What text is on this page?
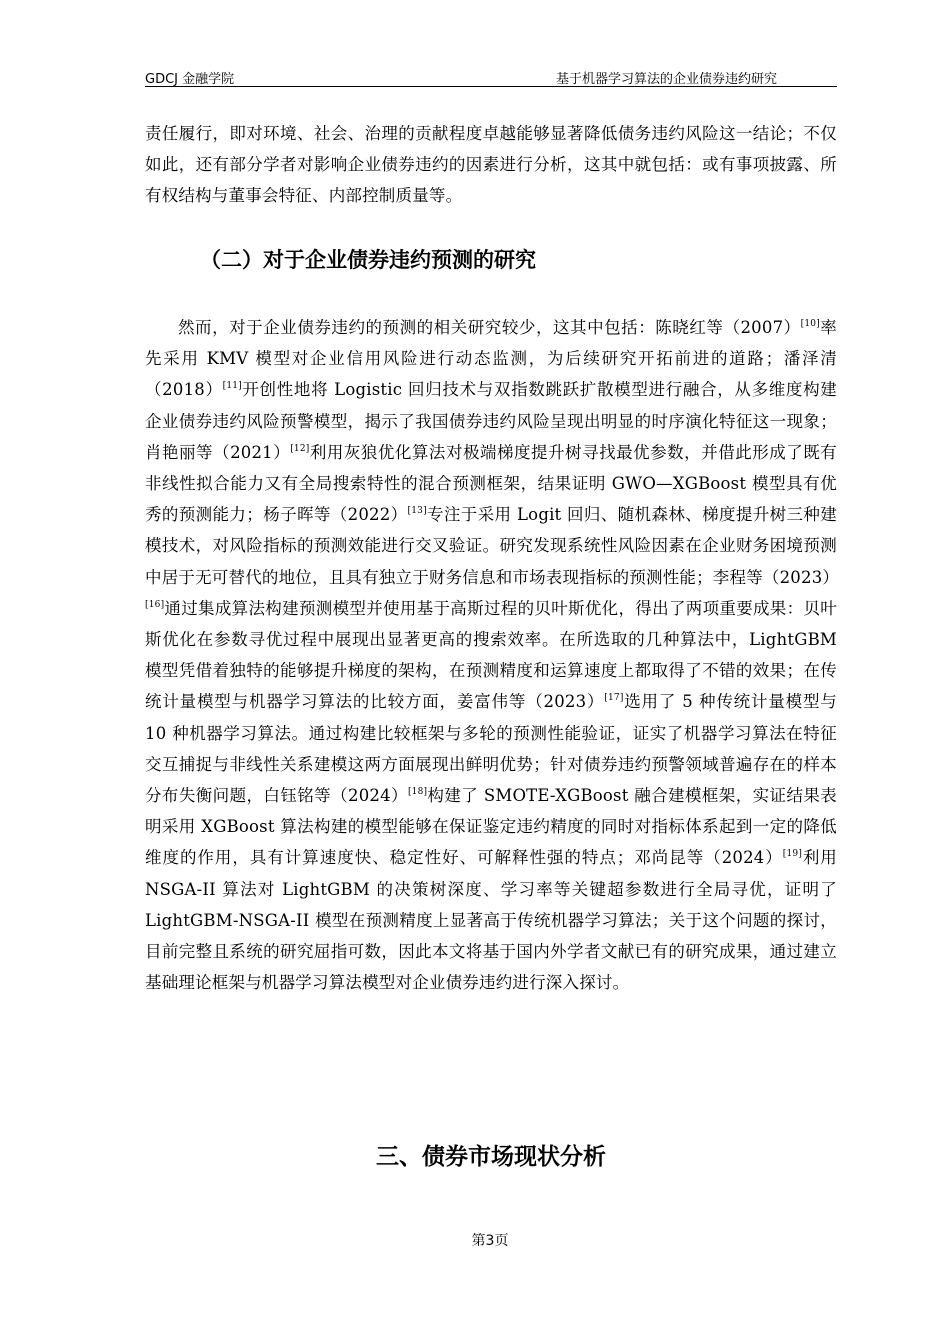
GDCJ 金融学院	基于机器学习算法的企业债券违约研究

责任履行，即对环境、社会、治理的贡献程度卓越能够显著降低债务违约风险这一结论；不仅如此，还有部分学者对影响企业债券违约的因素进行分析，这其中就包括：或有事项披露、所有权结构与董事会特征、内部控制质量等。

（二）对于企业债券违约预测的研究

然而，对于企业债券违约的预测的相关研究较少，这其中包括：陈晓红等（2007）[10]率先采用 KMV 模型对企业信用风险进行动态监测，为后续研究开拓前进的道路；潘泽清（2018）[11]开创性地将 Logistic 回归技术与双指数跳跃扩散模型进行融合，从多维度构建企业债券违约风险预警模型，揭示了我国债券违约风险呈现出明显的时序演化特征这一现象；肖艳丽等（2021）[12]利用灰狼优化算法对极端梯度提升树寻找最优参数，并借此形成了既有非线性拟合能力又有全局搜索特性的混合预测框架，结果证明 GWO—XGBoost 模型具有优秀的预测能力；杨子晖等（2022）[13]专注于采用 Logit 回归、随机森林、梯度提升树三种建模技术，对风险指标的预测效能进行交叉验证。研究发现系统性风险因素在企业财务困境预测中居于无可替代的地位，且具有独立于财务信息和市场表现指标的预测性能；李程等（2023）[16]通过集成算法构建预测模型并使用基于高斯过程的贝叶斯优化，得出了两项重要成果：贝叶斯优化在参数寻优过程中展现出显著更高的搜索效率。在所选取的几种算法中，LightGBM 模型凭借着独特的能够提升梯度的架构，在预测精度和运算速度上都取得了不错的效果；在传统计量模型与机器学习算法的比较方面，姜富伟等（2023）[17]选用了 5 种传统计量模型与 10 种机器学习算法。通过构建比较框架与多轮的预测性能验证，证实了机器学习算法在特征交互捕捉与非线性关系建模这两方面展现出鲜明优势；针对债券违约预警领域普遍存在的样本分布失衡问题，白钰铭等（2024）[18]构建了 SMOTE-XGBoost 融合建模框架，实证结果表明采用 XGBoost 算法构建的模型能够在保证鉴定违约精度的同时对指标体系起到一定的降低维度的作用，具有计算速度快、稳定性好、可解释性强的特点；邓尚昆等（2024）[19]利用 NSGA-II 算法对 LightGBM 的决策树深度、学习率等关键超参数进行全局寻优，证明了 LightGBM-NSGA-II 模型在预测精度上显著高于传统机器学习算法；关于这个问题的探讨，目前完整且系统的研究屈指可数，因此本文将基于国内外学者文献已有的研究成果，通过建立基础理论框架与机器学习算法模型对企业债券违约进行深入探讨。

三、债券市场现状分析
第3页
